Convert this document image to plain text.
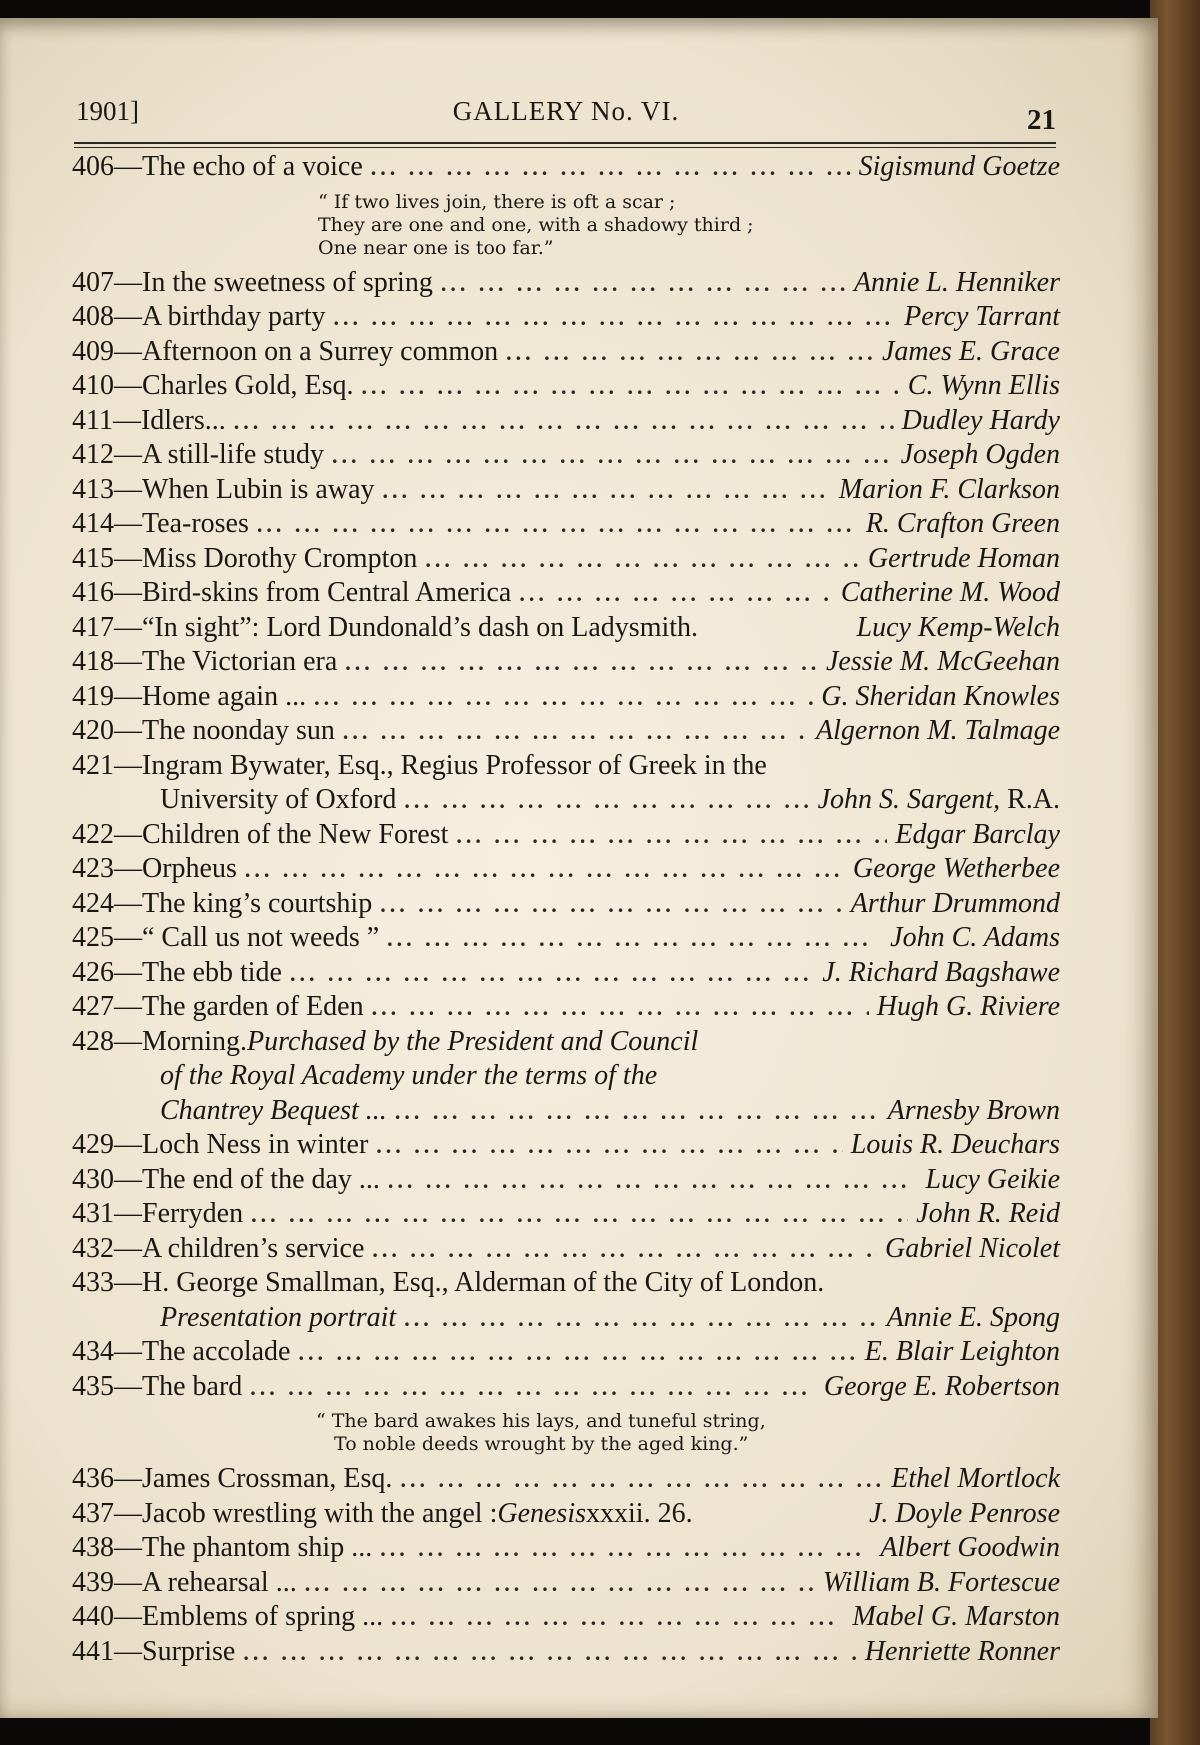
1901]	GALLERY No. VI.	21
406— The echo of a voice ... .	Sigismund Goetze
“ If two lives join, there is oft a scar ;
They are one and one, with a shadowy third ;
One near one is too far.”
407— In the sweetness of spring ... .	Annie L. Henniker
408— A birthday party ... .	Percy Tarrant
409— Afternoon on a Surrey common ... .	James E. Grace
410— Charles Gold, Esq. ... .	C. Wynn Ellis
411— Idlers... ... .	Dudley Hardy
412— A still-life study ... .	Joseph Ogden
413— When Lubin is away ... .	Marion F. Clarkson
414— Tea-roses ... .	R. Crafton Green
415— Miss Dorothy Crompton ... .	Gertrude Homan
416— Bird-skins from Central America ... .	Catherine M. Wood
417— “In sight”: Lord Dundonald’s dash on Ladysmith.	Lucy Kemp-Welch
418— The Victorian era ... .	Jessie M. McGeehan
419— Home again ... ... .	G. Sheridan Knowles
420— The noonday sun ... .	Algernon M. Talmage
421— Ingram Bywater, Esq., Regius Professor of Greek in the
University of Oxford ... .	John S. Sargent, R.A.
422— Children of the New Forest ... .	Edgar Barclay
423— Orpheus ... .	George Wetherbee
424— The king’s courtship ... .	Arthur Drummond
425— “ Call us not weeds ” ... .	John C. Adams
426— The ebb tide ... .	J. Richard Bagshawe
427— The garden of Eden ... .	Hugh G. Riviere
428— Morning. Purchased by the President and Council
of the Royal Academy under the terms of the
Chantrey Bequest ... ... .	Arnesby Brown
429— Loch Ness in winter ... .	Louis R. Deuchars
430— The end of the day ... ... .	Lucy Geikie
431— Ferryden ... .	John R. Reid
432— A children’s service ... .	Gabriel Nicolet
433— H. George Smallman, Esq., Alderman of the City of London.
Presentation portrait ... .	Annie E. Spong
434— The accolade ... .	E. Blair Leighton
435— The bard ... .	George E. Robertson
“ The bard awakes his lays, and tuneful string,
To noble deeds wrought by the aged king.”
436— James Crossman, Esq. ... .	Ethel Mortlock
437— Jacob wrestling with the angel : Genesis xxxii. 26.	J. Doyle Penrose
438— The phantom ship ... ... .	Albert Goodwin
439— A rehearsal ... ... .	William B. Fortescue
440— Emblems of spring ... ... .	Mabel G. Marston
441— Surprise ... .	Henriette Ronner
